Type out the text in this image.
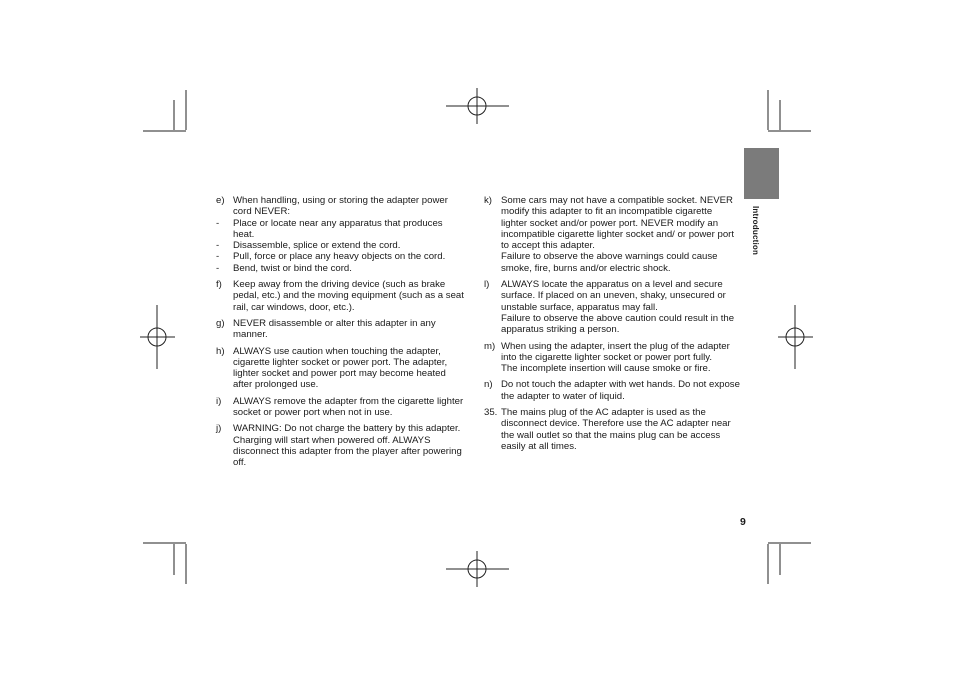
e) When handling, using or storing the adapter power cord NEVER:
-	Place or locate near any apparatus that produces heat.
-	Disassemble, splice or extend the cord.
-	Pull, force or place any heavy objects on the cord.
-	Bend, twist or bind the cord.
f)	Keep away from the driving device (such as brake pedal, etc.) and the moving equipment (such as a seat rail, car windows, door, etc.).
g) NEVER disassemble or alter this adapter in any manner.
h) ALWAYS use caution when touching the adapter, cigarette lighter socket or power port. The adapter, lighter socket and power port may become heated after prolonged use.
i)	ALWAYS remove the adapter from the cigarette lighter socket or power port when not in use.
j)	WARNING: Do not charge the battery by this adapter. Charging will start when powered off. ALWAYS disconnect this adapter from the player after powering off.
k) Some cars may not have a compatible socket. NEVER modify this adapter to fit an incompatible cigarette lighter socket and/or power port. NEVER modify an incompatible cigarette lighter socket and/ or power port to accept this adapter.
Failure to observe the above warnings could cause smoke, fire, burns and/or electric shock.
l)	ALWAYS locate the apparatus on a level and secure surface. If placed on an uneven, shaky, unsecured or unstable surface, apparatus may fall.
Failure to observe the above caution could result in the apparatus striking a person.
m) When using the adapter, insert the plug of the adapter into the cigarette lighter socket or power port fully.
The incomplete insertion will cause smoke or fire.
n) Do not touch the adapter with wet hands. Do not expose the adapter to water of liquid.
35. The mains plug of the AC adapter is used as the disconnect device. Therefore use the AC adapter near the wall outlet so that the mains plug can be access easily at all times.
Introduction
9
